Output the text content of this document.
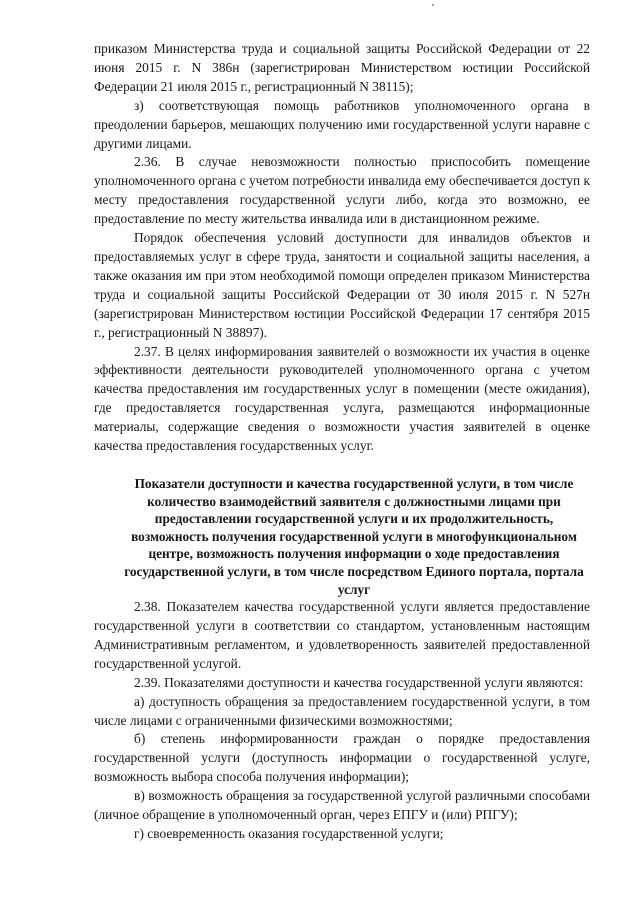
приказом Министерства труда и социальной защиты Российской Федерации от 22 июня 2015 г. N 386н (зарегистрирован Министерством юстиции Российской Федерации 21 июля 2015 г., регистрационный N 38115);

з) соответствующая помощь работников уполномоченного органа в преодолении барьеров, мешающих получению ими государственной услуги наравне с другими лицами.

2.36. В случае невозможности полностью приспособить помещение уполномоченного органа с учетом потребности инвалида ему обеспечивается доступ к месту предоставления государственной услуги либо, когда это возможно, ее предоставление по месту жительства инвалида или в дистанционном режиме.

Порядок обеспечения условий доступности для инвалидов объектов и предоставляемых услуг в сфере труда, занятости и социальной защиты населения, а также оказания им при этом необходимой помощи определен приказом Министерства труда и социальной защиты Российской Федерации от 30 июля 2015 г. N 527н (зарегистрирован Министерством юстиции Российской Федерации 17 сентября 2015 г., регистрационный N 38897).

2.37. В целях информирования заявителей о возможности их участия в оценке эффективности деятельности руководителей уполномоченного органа с учетом качества предоставления им государственных услуг в помещении (месте ожидания), где предоставляется государственная услуга, размещаются информационные материалы, содержащие сведения о возможности участия заявителей в оценке качества предоставления государственных услуг.

Показатели доступности и качества государственной услуги, в том числе количество взаимодействий заявителя с должностными лицами при предоставлении государственной услуги и их продолжительность, возможность получения государственной услуги в многофункциональном центре, возможность получения информации о ходе предоставления государственной услуги, в том числе посредством Единого портала, портала услуг

2.38. Показателем качества государственной услуги является предоставление государственной услуги в соответствии со стандартом, установленным настоящим Административным регламентом, и удовлетворенность заявителей предоставленной государственной услугой.

2.39. Показателями доступности и качества государственной услуги являются:

а) доступность обращения за предоставлением государственной услуги, в том числе лицами с ограниченными физическими возможностями;

б) степень информированности граждан о порядке предоставления государственной услуги (доступность информации о государственной услуге, возможность выбора способа получения информации);

в) возможность обращения за государственной услугой различными способами (личное обращение в уполномоченный орган, через ЕПГУ и (или) РПГУ);

г) своевременность оказания государственной услуги;
